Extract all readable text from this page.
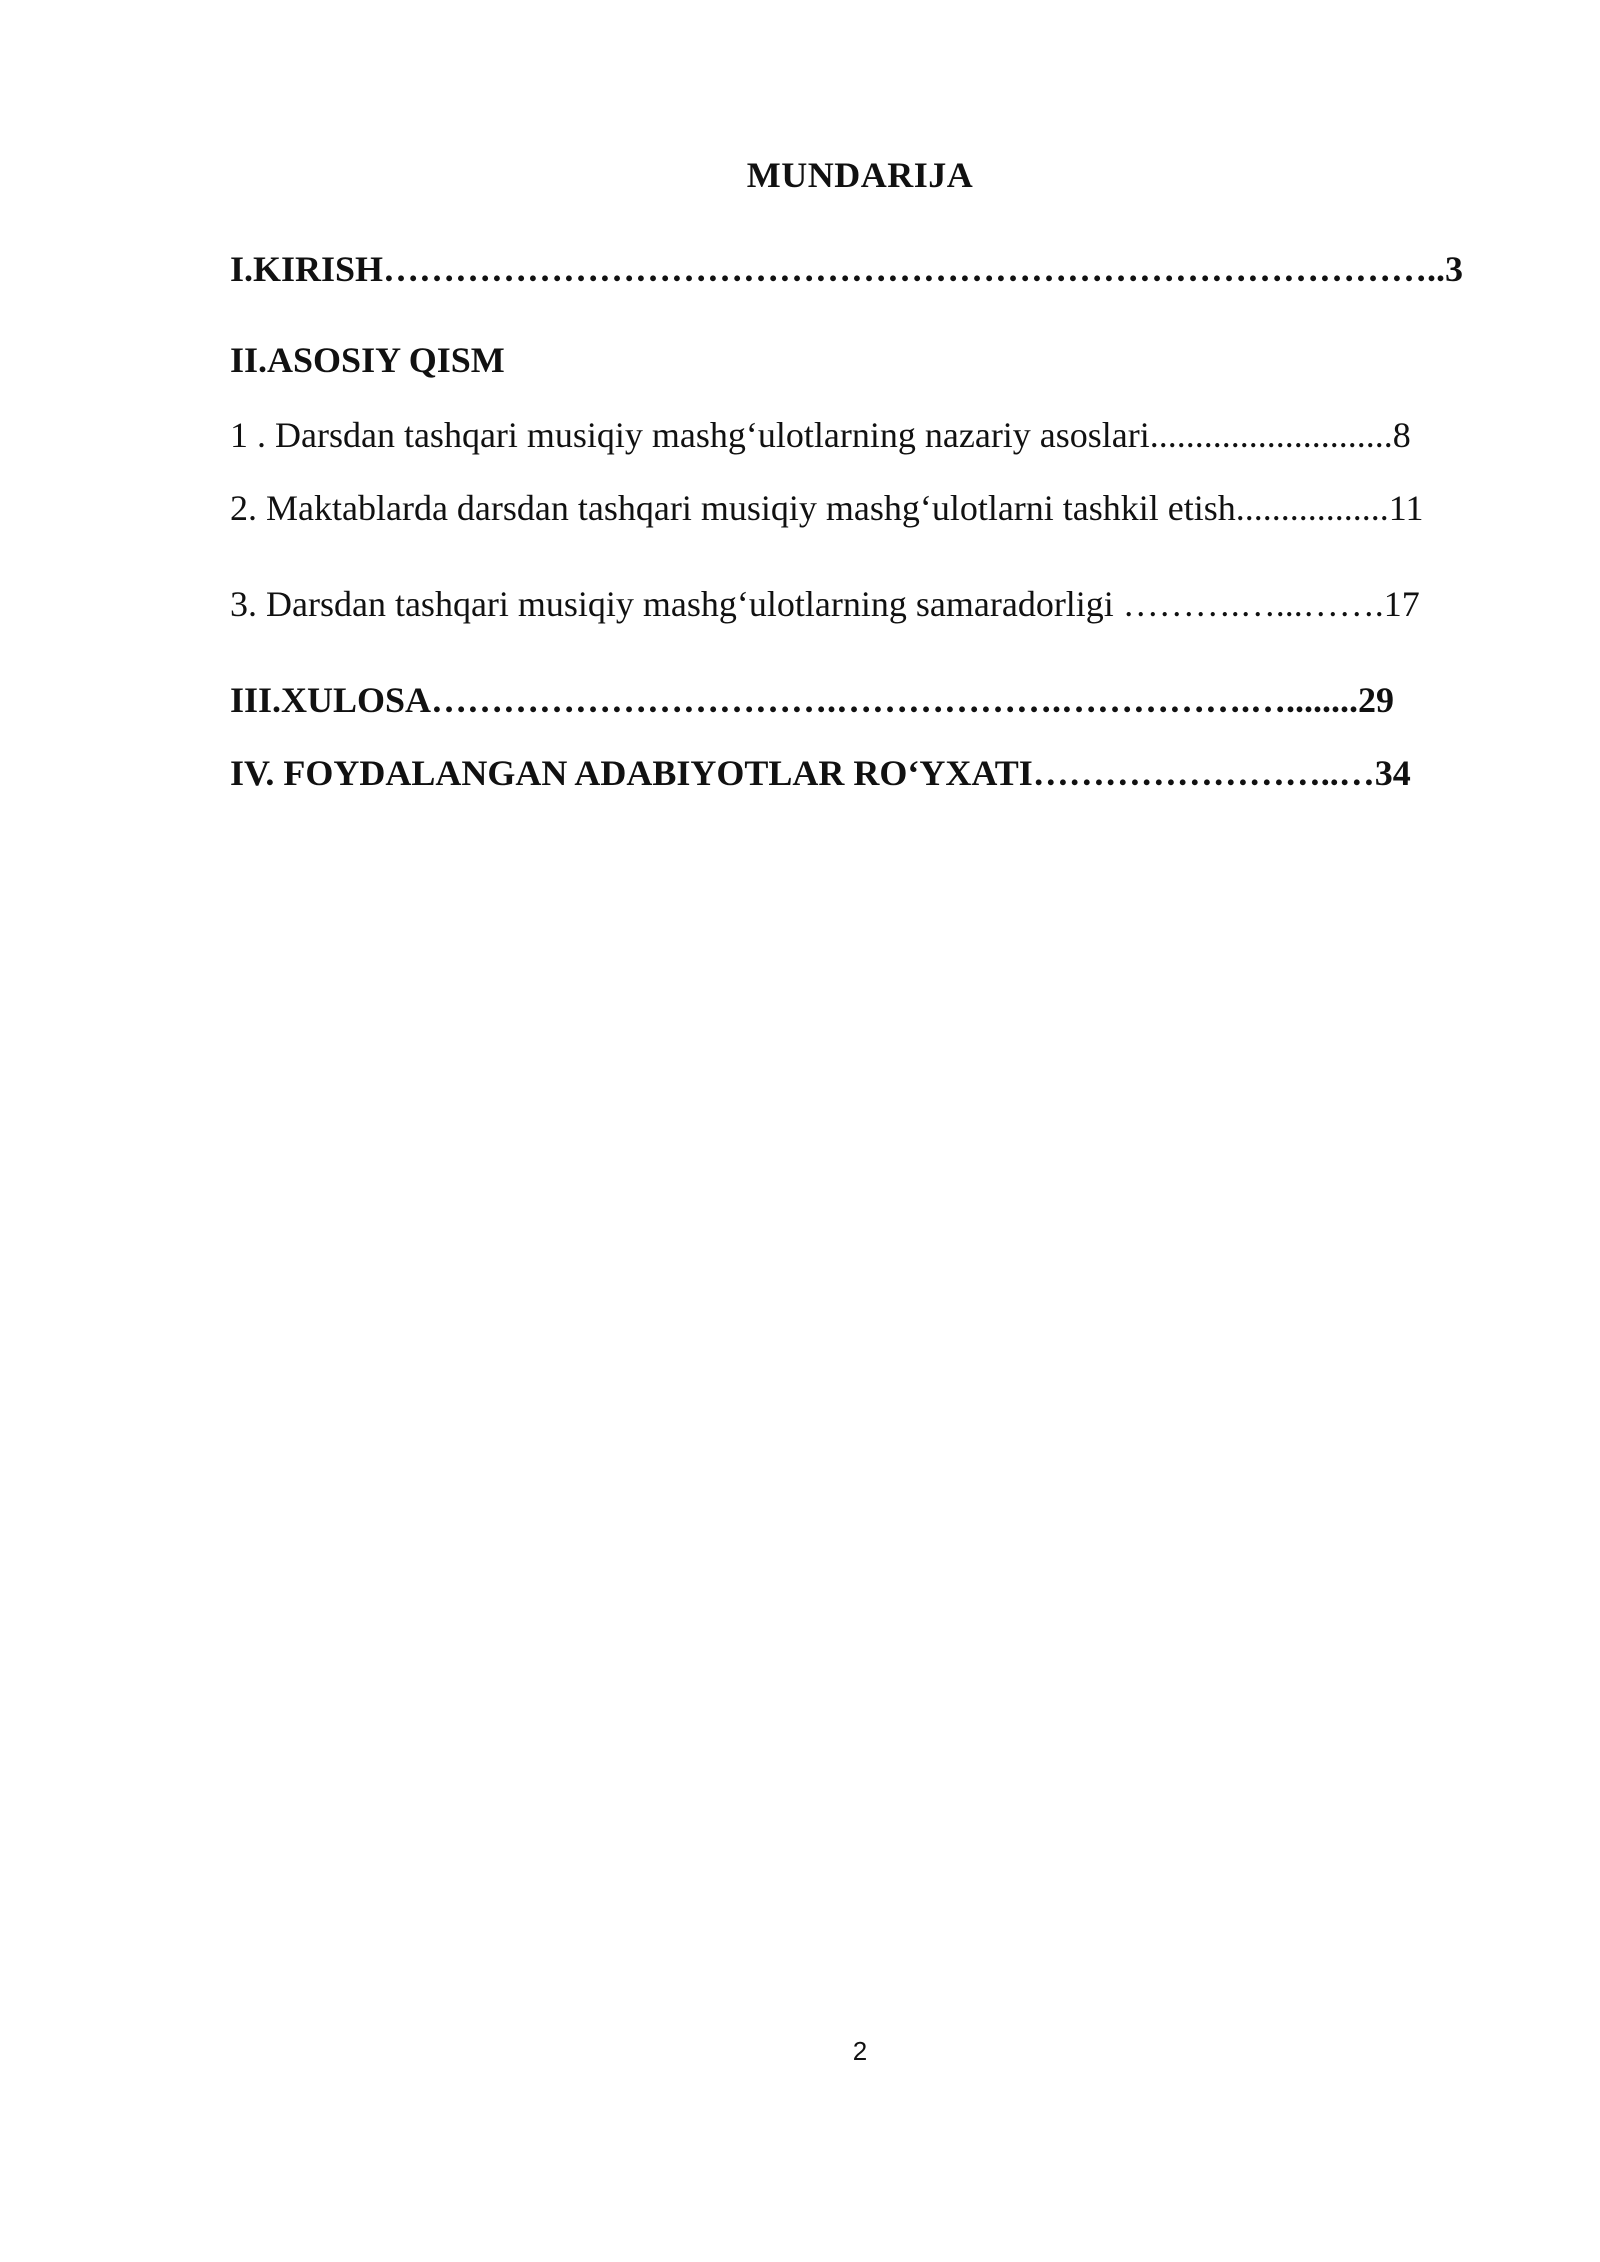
MUNDARIJA
I.KIRISH……………………………………………………………………………..3
II.ASOSIY QISM
1 . Darsdan tashqari musiqiy mashg‘ulotlarning nazariy asoslari...........................8
2. Maktablarda darsdan tashqari musiqiy mashg‘ulotlarni tashkil etish.................11
3. Darsdan tashqari musiqiy mashg‘ulotlarning samaradorligi ……….…...…….17
III.XULOSA…………………………….……………….…………….…........29
IV. FOYDALANGAN ADABIYOTLAR RO‘YXATI……………………..…34
2
